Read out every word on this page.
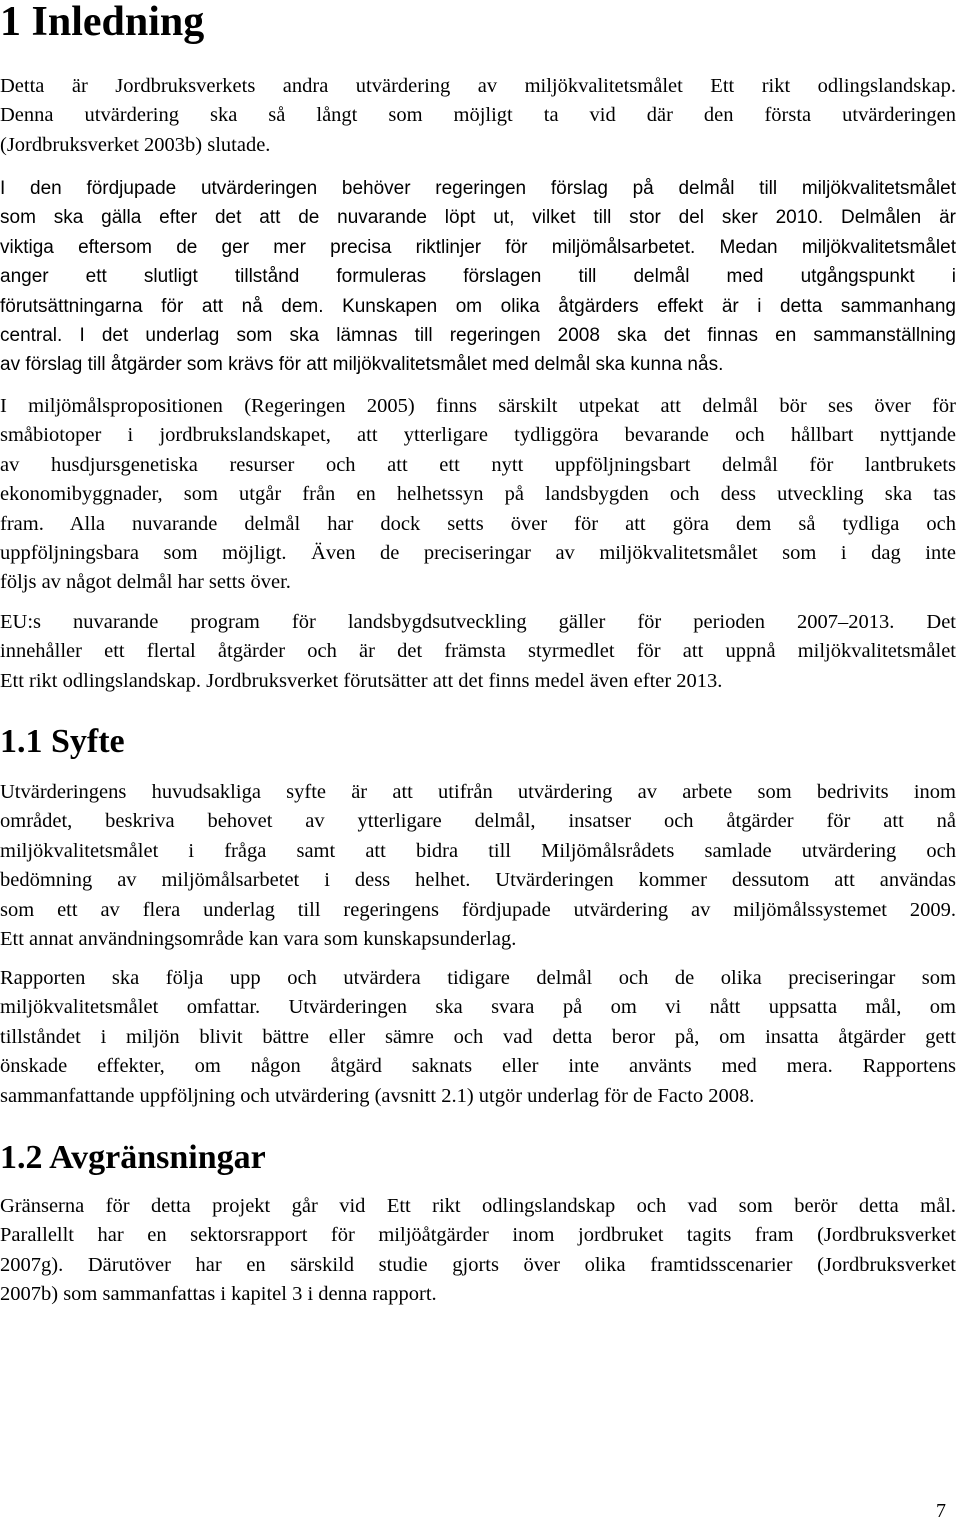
1 Inledning

Detta är Jordbruksverkets andra utvärdering av miljökvalitetsmålet Ett rikt odlingslandskap.
Denna utvärdering ska så långt som möjligt ta vid där den första utvärderingen
(Jordbruksverket 2003b) slutade.

I den fördjupade utvärderingen behöver regeringen förslag på delmål till miljökvalitetsmålet
som ska gälla efter det att de nuvarande löpt ut, vilket till stor del sker 2010. Delmålen är
viktiga eftersom de ger mer precisa riktlinjer för miljömålsarbetet. Medan miljökvalitetsmålet
anger ett slutligt tillstånd formuleras förslagen till delmål med utgångspunkt i
förutsättningarna för att nå dem. Kunskapen om olika åtgärders effekt är i detta sammanhang
central. I det underlag som ska lämnas till regeringen 2008 ska det finnas en sammanställning
av förslag till åtgärder som krävs för att miljökvalitetsmålet med delmål ska kunna nås.

I miljömålspropositionen (Regeringen 2005) finns särskilt utpekat att delmål bör ses över för
småbiotoper i jordbrukslandskapet, att ytterligare tydliggöra bevarande och hållbart nyttjande
av husdjursgenetiska resurser och att ett nytt uppföljningsbart delmål för lantbrukets
ekonomibyggnader, som utgår från en helhetssyn på landsbygden och dess utveckling ska tas
fram. Alla nuvarande delmål har dock setts över för att göra dem så tydliga och
uppföljningsbara som möjligt. Även de preciseringar av miljökvalitetsmålet som i dag inte
följs av något delmål har setts över.

EU:s nuvarande program för landsbygdsutveckling gäller för perioden 2007–2013. Det
innehåller ett flertal åtgärder och är det främsta styrmedlet för att uppnå miljökvalitetsmålet
Ett rikt odlingslandskap. Jordbruksverket förutsätter att det finns medel även efter 2013.

1.1 Syfte

Utvärderingens huvudsakliga syfte är att utifrån utvärdering av arbete som bedrivits inom
området, beskriva behovet av ytterligare delmål, insatser och åtgärder för att nå
miljökvalitetsmålet i fråga samt att bidra till Miljömålsrådets samlade utvärdering och
bedömning av miljömålsarbetet i dess helhet. Utvärderingen kommer dessutom att användas
som ett av flera underlag till regeringens fördjupade utvärdering av miljömålssystemet 2009.
Ett annat användningsområde kan vara som kunskapsunderlag.

Rapporten ska följa upp och utvärdera tidigare delmål och de olika preciseringar som
miljökvalitetsmålet omfattar. Utvärderingen ska svara på om vi nått uppsatta mål, om
tillståndet i miljön blivit bättre eller sämre och vad detta beror på, om insatta åtgärder gett
önskade effekter, om någon åtgärd saknats eller inte använts med mera. Rapportens
sammanfattande uppföljning och utvärdering (avsnitt 2.1) utgör underlag för de Facto 2008.

1.2 Avgränsningar

Gränserna för detta projekt går vid Ett rikt odlingslandskap och vad som berör detta mål.
Parallellt har en sektorsrapport för miljöåtgärder inom jordbruket tagits fram (Jordbruksverket
2007g). Därutöver har en särskild studie gjorts över olika framtidsscenarier (Jordbruksverket
2007b) som sammanfattas i kapitel 3 i denna rapport.

7
